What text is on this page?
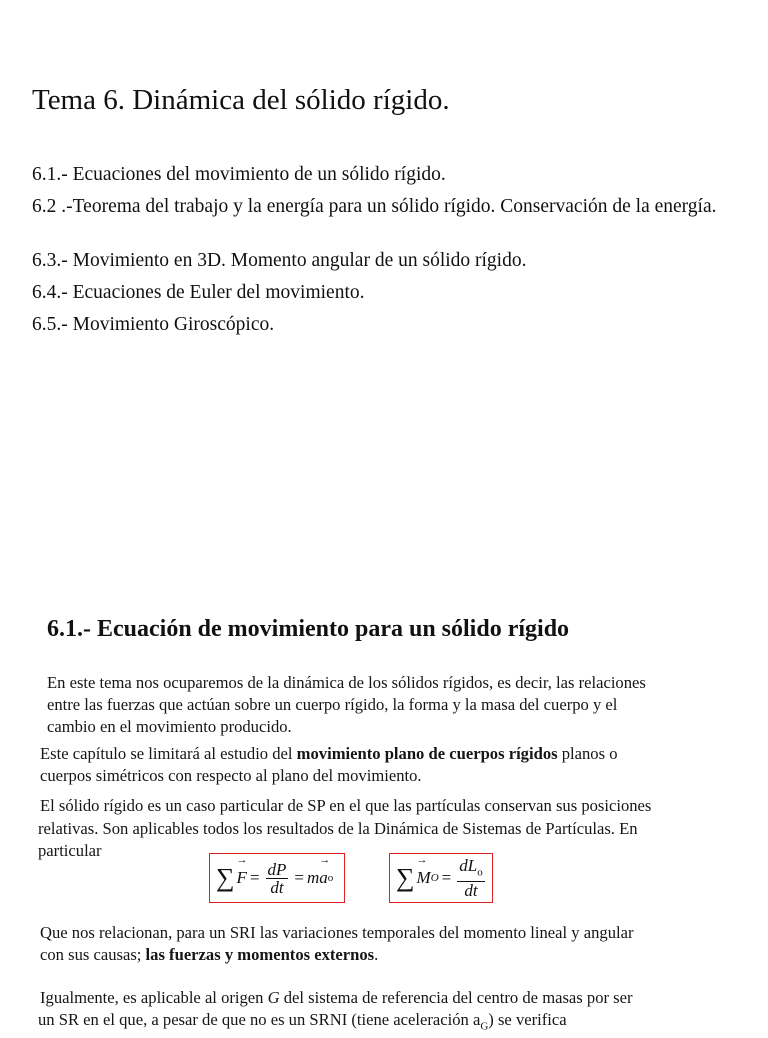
Tema 6. Dinámica del sólido rígido.
6.1.- Ecuaciones del movimiento de un sólido rígido.
6.2 .-Teorema del trabajo y la energía para un sólido rígido. Conservación de la energía.
6.3.- Movimiento en 3D. Momento angular de un sólido rígido.
6.4.- Ecuaciones de Euler del movimiento.
6.5.- Movimiento Giroscópico.
6.1.- Ecuación de movimiento para un sólido rígido
En este tema nos ocuparemos de la dinámica de los sólidos rígidos, es decir, las relaciones
entre las fuerzas que actúan sobre un cuerpo rígido, la forma y la masa del cuerpo y el
cambio en el movimiento producido.
Este capítulo se limitará al estudio del movimiento plano de cuerpos rígidos planos o
cuerpos simétricos con respecto al plano del movimiento.
El sólido rígido es un caso particular de SP en el que las partículas conservan sus posiciones
relativas. Son aplicables todos los resultados de la Dinámica de Sistemas de Partículas. En
particular
∑
→ $F = \frac{dP}{dt} = m$
→ a o ∑
→ M $O = \frac{dL_o}{dt}$
Que nos relacionan, para un SRI las variaciones temporales del momento lineal y angular
con sus causas; las fuerzas y momentos externos.
Igualmente, es aplicable al origen G del sistema de referencia del centro de masas por ser
un SR en el que, a pesar de que no es un SRNI (tiene aceleración $a_G$) se verifica
